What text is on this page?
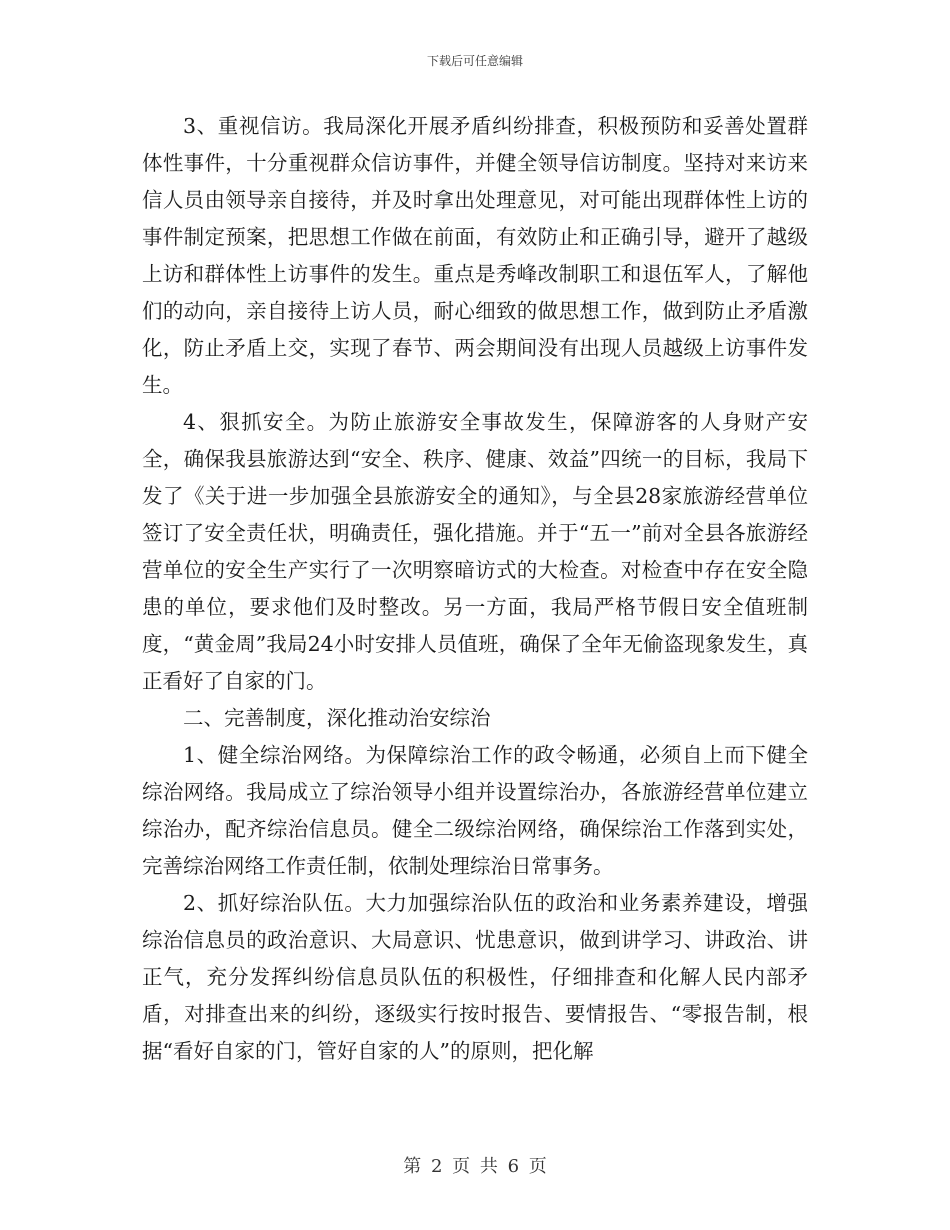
下载后可任意编辑

3、重视信访。我局深化开展矛盾纠纷排查，积极预防和妥善处置群体性事件，十分重视群众信访事件，并健全领导信访制度。坚持对来访来信人员由领导亲自接待，并及时拿出处理意见，对可能出现群体性上访的事件制定预案，把思想工作做在前面，有效防止和正确引导，避开了越级上访和群体性上访事件的发生。重点是秀峰改制职工和退伍军人，了解他们的动向，亲自接待上访人员，耐心细致的做思想工作，做到防止矛盾激化，防止矛盾上交，实现了春节、两会期间没有出现人员越级上访事件发生。

4、狠抓安全。为防止旅游安全事故发生，保障游客的人身财产安全，确保我县旅游达到“安全、秩序、健康、效益”四统一的目标，我局下发了《关于进一步加强全县旅游安全的通知》，与全县28家旅游经营单位签订了安全责任状，明确责任，强化措施。并于“五一”前对全县各旅游经营单位的安全生产实行了一次明察暗访式的大检查。对检查中存在安全隐患的单位，要求他们及时整改。另一方面，我局严格节假日安全值班制度，“黄金周”我局24小时安排人员值班，确保了全年无偷盗现象发生，真正看好了自家的门。

二、完善制度，深化推动治安综治

1、健全综治网络。为保障综治工作的政令畅通，必须自上而下健全综治网络。我局成立了综治领导小组并设置综治办，各旅游经营单位建立综治办，配齐综治信息员。健全二级综治网络，确保综治工作落到实处，完善综治网络工作责任制，依制处理综治日常事务。

2、抓好综治队伍。大力加强综治队伍的政治和业务素养建设，增强综治信息员的政治意识、大局意识、忧患意识，做到讲学习、讲政治、讲正气，充分发挥纠纷信息员队伍的积极性，仔细排查和化解人民内部矛盾，对排查出来的纠纷，逐级实行按时报告、要情报告、“零报告制，根据“看好自家的门，管好自家的人”的原则，把化解

第 2 页 共 6 页
